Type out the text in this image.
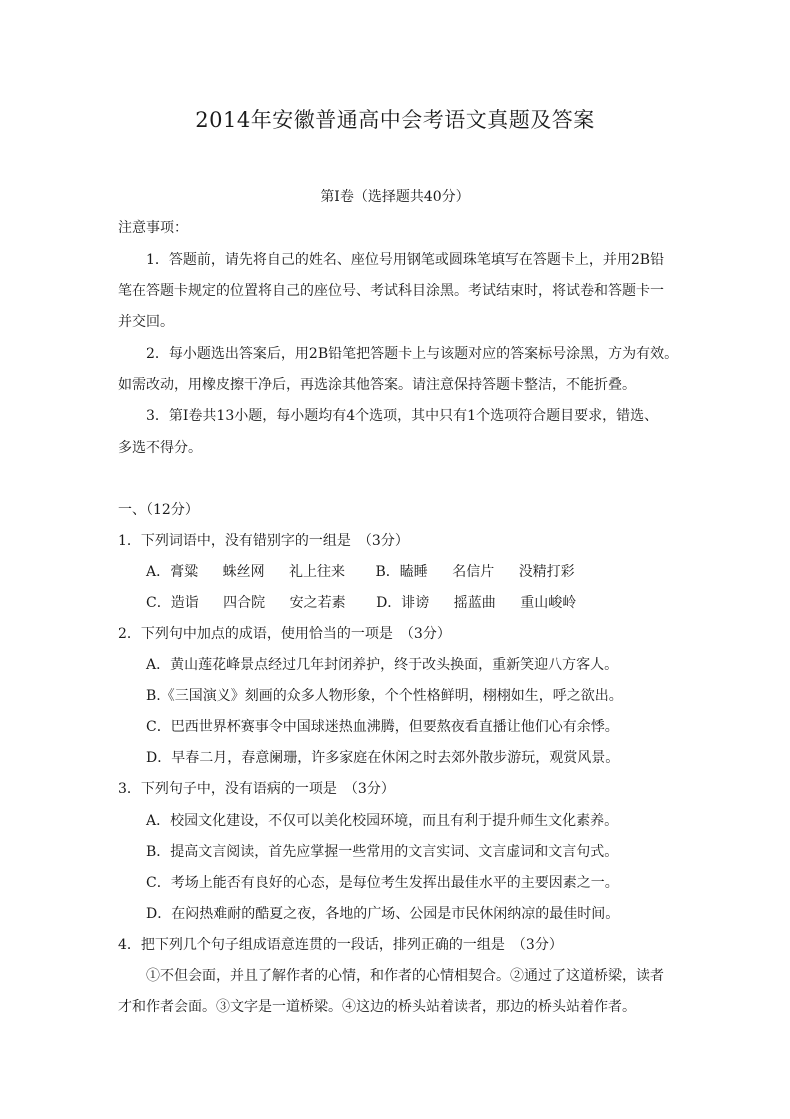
2014年安徽普通高中会考语文真题及答案
第Ⅰ卷（选择题共40分）
注意事项：
1．答题前，请先将自己的姓名、座位号用钢笔或圆珠笔填写在答题卡上，并用2B铅
笔在答题卡规定的位置将自己的座位号、考试科目涂黑。考试结束时，将试卷和答题卡一
并交回。
2．每小题选出答案后，用2B铅笔把答题卡上与该题对应的答案标号涂黑，方为有效。
如需改动，用橡皮擦干净后，再选涂其他答案。请注意保持答题卡整洁，不能折叠。
3．第Ⅰ卷共13小题，每小题均有4个选项，其中只有1个选项符合题目要求，错选、
多选不得分。
一、（12分）
1．下列词语中，没有错别字的一组是　（3分）
A．膏粱 蛛丝网 礼上往来 B．瞌睡 名信片 没精打彩
C．造诣 四合院 安之若素 D．诽谤 摇蓝曲 重山峻岭
2．下列句中加点的成语，使用恰当的一项是　（3分）
A．黄山莲花峰景点经过几年封闭养护，终于改头换面，重新笑迎八方客人。
B.《三国演义》刻画的众多人物形象，个个性格鲜明，栩栩如生，呼之欲出。
C．巴西世界杯赛事令中国球迷热血沸腾，但要熬夜看直播让他们心有余悸。
D．早春二月，春意阑珊，许多家庭在休闲之时去郊外散步游玩，观赏风景。
3．下列句子中，没有语病的一项是　（3分）
A．校园文化建设，不仅可以美化校园环境，而且有利于提升师生文化素养。
B．提高文言阅读，首先应掌握一些常用的文言实词、文言虚词和文言句式。
C．考场上能否有良好的心态，是每位考生发挥出最佳水平的主要因素之一。
D．在闷热难耐的酷夏之夜，各地的广场、公园是市民休闲纳凉的最佳时间。
4．把下列几个句子组成语意连贯的一段话，排列正确的一组是　（3分）
①不但会面，并且了解作者的心情，和作者的心情相契合。②通过了这道桥梁，读者
才和作者会面。③文字是一道桥梁。④这边的桥头站着读者，那边的桥头站着作者。
